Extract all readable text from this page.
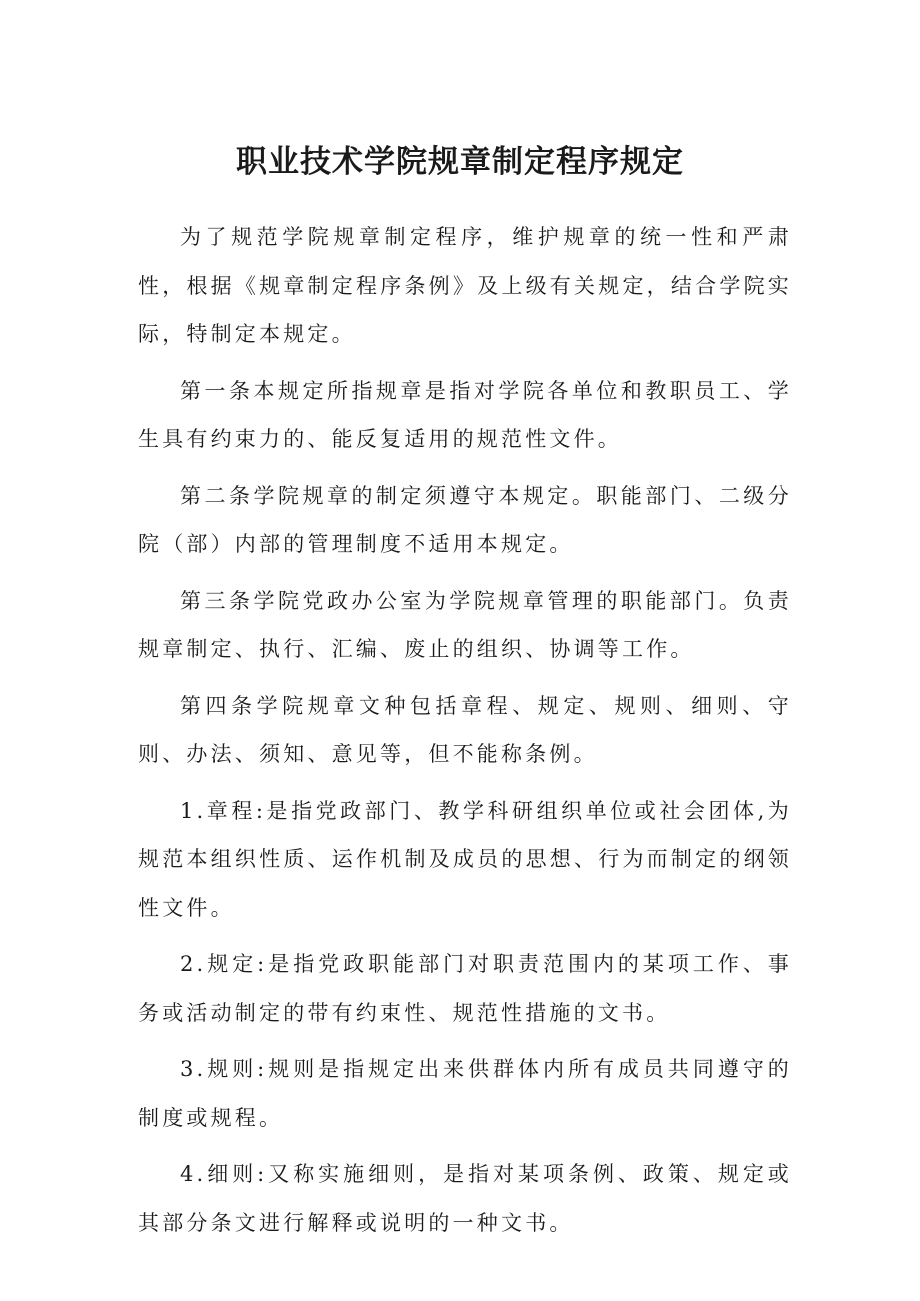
职业技术学院规章制定程序规定

为了规范学院规章制定程序，维护规章的统一性和严肃性，根据《规章制定程序条例》及上级有关规定，结合学院实际，特制定本规定。

第一条本规定所指规章是指对学院各单位和教职员工、学生具有约束力的、能反复适用的规范性文件。

第二条学院规章的制定须遵守本规定。职能部门、二级分院（部）内部的管理制度不适用本规定。

第三条学院党政办公室为学院规章管理的职能部门。负责规章制定、执行、汇编、废止的组织、协调等工作。

第四条学院规章文种包括章程、规定、规则、细则、守则、办法、须知、意见等，但不能称条例。

1.章程:是指党政部门、教学科研组织单位或社会团体,为规范本组织性质、运作机制及成员的思想、行为而制定的纲领性文件。

2.规定:是指党政职能部门对职责范围内的某项工作、事务或活动制定的带有约束性、规范性措施的文书。

3.规则:规则是指规定出来供群体内所有成员共同遵守的制度或规程。

4.细则:又称实施细则，是指对某项条例、政策、规定或其部分条文进行解释或说明的一种文书。
